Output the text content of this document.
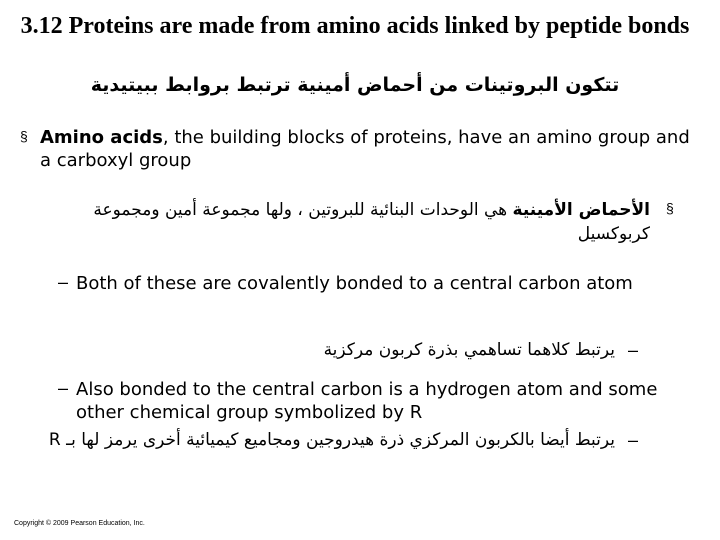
3.12 Proteins are made from amino acids linked by peptide bonds
تتكون البروتينات من أحماض أمينية ترتبط بروابط ببيتيدية
§ Amino acids, the building blocks of proteins, have an amino group and a carboxyl group
§
الأحماض الأمينية هي الوحدات البنائية للبروتين ، ولها مجموعة أمين ومجموعة كربوكسيل
– Both of these are covalently bonded to a central carbon atom
–
يرتبط كلاهما تساهمي بذرة كربون مركزية
– Also bonded to the central carbon is a hydrogen atom and some other chemical group symbolized by R
–
يرتبط أيضا بالكربون المركزي ذرة هيدروجين ومجاميع كيميائية أخرى يرمز لها بـ R
Copyright © 2009 Pearson Education, Inc.
